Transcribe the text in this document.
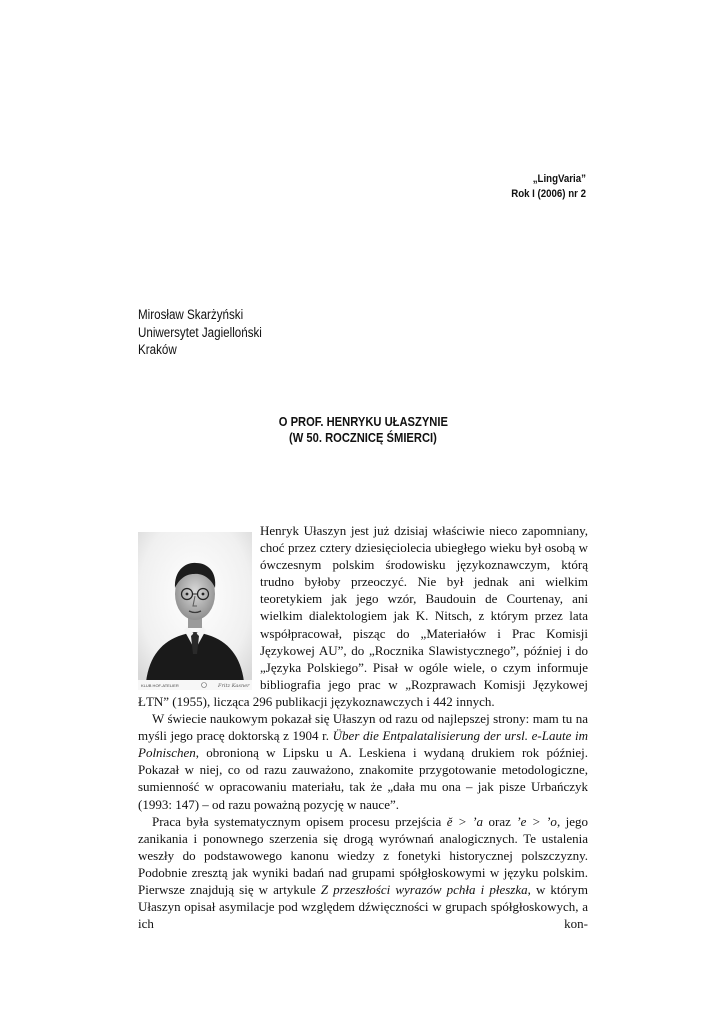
„LingVaria”
Rok I (2006) nr 2
Mirosław Skarżyński
Uniwersytet Jagielloński
Kraków
O PROF. HENRYKU UŁASZYNIE
(W 50. ROCZNICĘ ŚMIERCI)
KLUB HOF-ATELIER	Fritz Kasner

Henryk Ułaszyn jest już dzisiaj właściwie nieco zapomniany, choć przez cztery dziesięciolecia ubiegłego wieku był osobą w ówczesnym polskim środowisku językoznawczym, którą trudno byłoby przeoczyć. Nie był jednak ani wielkim teoretykiem jak jego wzór, Baudouin de Courtenay, ani wielkim dialektologiem jak K. Nitsch, z którym przez lata współpracował, pisząc do „Materiałów i Prac Komisji Językowej AU”, do „Rocznika Slawistycznego”, później i do „Języka Polskiego”. Pisał w ogóle wiele, o czym informuje bibliografia jego prac w „Rozprawach Komisji Językowej ŁTN” (1955), licząca 296 publikacji językoznawczych i 442 innych.

W świecie naukowym pokazał się Ułaszyn od razu od najlepszej strony: mam tu na myśli jego pracę doktorską z 1904 r. Über die Entpalatalisierung der ursl. e-Laute im Polnischen, obronioną w Lipsku u A. Leskiena i wydaną drukiem rok później. Pokazał w niej, co od razu zauważono, znakomite przygotowanie metodologiczne, sumienność w opracowaniu materiału, tak że „dała mu ona – jak pisze Urbańczyk (1993: 147) – od razu poważną pozycję w nauce”.

Praca była systematycznym opisem procesu przejścia ě > ’a oraz ’e > ’o, jego zanikania i ponownego szerzenia się drogą wyrównań analogicznych. Te ustalenia weszły do podstawowego kanonu wiedzy z fonetyki historycznej polszczyzny. Podobnie zresztą jak wyniki badań nad grupami spółgłoskowymi w języku polskim. Pierwsze znajdują się w artykule Z przeszłości wyrazów pchła i płeszka, w którym Ułaszyn opisał asymilacje pod względem dźwięczności w grupach spółgłoskowych, a ich kon-
